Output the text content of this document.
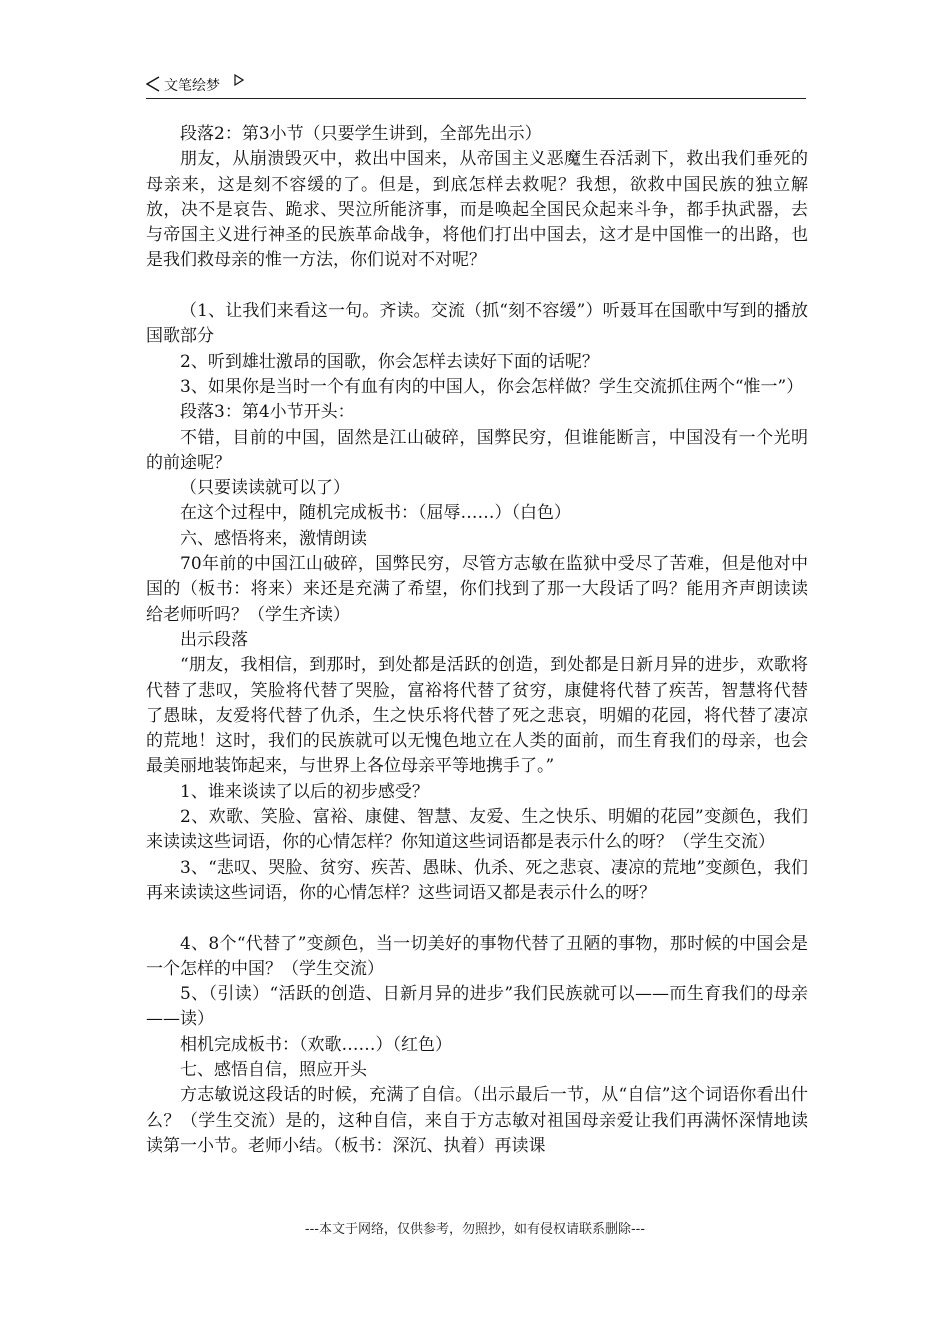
文笔绘梦

段落2：第3小节（只要学生讲到，全部先出示）

朋友，从崩溃毁灭中，救出中国来，从帝国主义恶魔生吞活剥下，救出我们垂死的母亲来，这是刻不容缓的了。但是，到底怎样去救呢？我想，欲救中国民族的独立解放，决不是哀告、跪求、哭泣所能济事，而是唤起全国民众起来斗争，都手执武器，去与帝国主义进行神圣的民族革命战争，将他们打出中国去，这才是中国惟一的出路，也是我们救母亲的惟一方法，你们说对不对呢？

（1、让我们来看这一句。齐读。交流（抓“刻不容缓”）听聂耳在国歌中写到的播放国歌部分

2、听到雄壮激昂的国歌，你会怎样去读好下面的话呢？

3、如果你是当时一个有血有肉的中国人，你会怎样做？学生交流抓住两个“惟一”）

段落3：第4小节开头：

不错，目前的中国，固然是江山破碎，国弊民穷，但谁能断言，中国没有一个光明的前途呢？

（只要读读就可以了）

在这个过程中，随机完成板书：（屈辱……）（白色）

六、感悟将来，激情朗读

70年前的中国江山破碎，国弊民穷，尽管方志敏在监狱中受尽了苦难，但是他对中国的（板书：将来）来还是充满了希望，你们找到了那一大段话了吗？能用齐声朗读读给老师听吗？（学生齐读）

出示段落

“朋友，我相信，到那时，到处都是活跃的创造，到处都是日新月异的进步，欢歌将代替了悲叹，笑脸将代替了哭脸，富裕将代替了贫穷，康健将代替了疾苦，智慧将代替了愚昧，友爱将代替了仇杀，生之快乐将代替了死之悲哀，明媚的花园，将代替了凄凉的荒地！这时，我们的民族就可以无愧色地立在人类的面前，而生育我们的母亲，也会最美丽地装饰起来，与世界上各位母亲平等地携手了。”

1、谁来谈读了以后的初步感受？

2、欢歌、笑脸、富裕、康健、智慧、友爱、生之快乐、明媚的花园”变颜色，我们来读读这些词语，你的心情怎样？你知道这些词语都是表示什么的呀？（学生交流）

3、“悲叹、哭脸、贫穷、疾苦、愚昧、仇杀、死之悲哀、凄凉的荒地”变颜色，我们再来读读这些词语，你的心情怎样？这些词语又都是表示什么的呀？

4、8个“代替了”变颜色，当一切美好的事物代替了丑陋的事物，那时候的中国会是一个怎样的中国？（学生交流）

5、（引读）“活跃的创造、日新月异的进步”我们民族就可以——而生育我们的母亲——读）

相机完成板书：（欢歌……）（红色）

七、感悟自信，照应开头

方志敏说这段话的时候，充满了自信。（出示最后一节，从“自信”这个词语你看出什么？（学生交流）是的，这种自信，来自于方志敏对祖国母亲爱让我们再满怀深情地读读第一小节。老师小结。（板书：深沉、执着）再读课

---本文于网络，仅供参考，勿照抄，如有侵权请联系删除---
